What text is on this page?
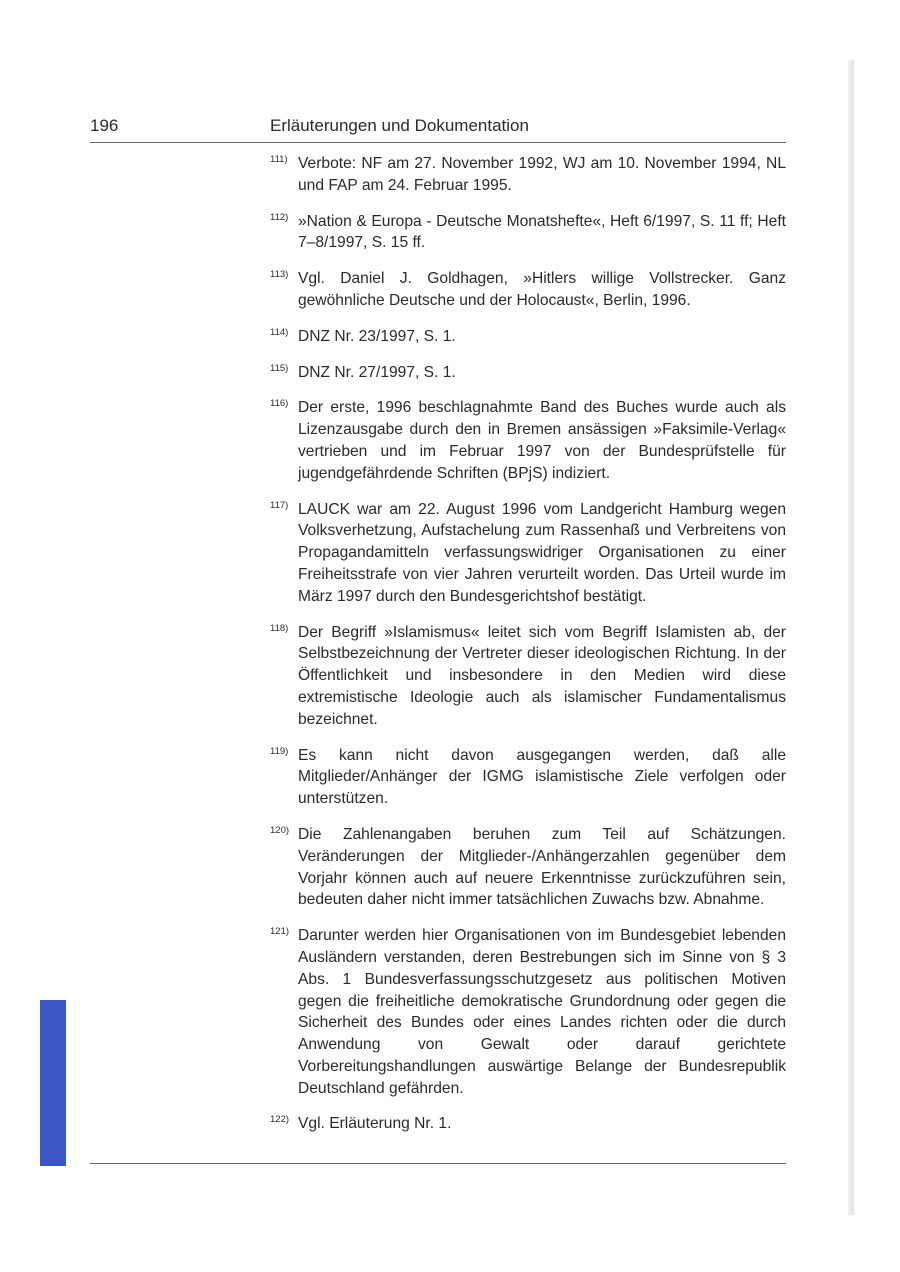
196	Erläuterungen und Dokumentation
111) Verbote: NF am 27. November 1992, WJ am 10. November 1994, NL und FAP am 24. Februar 1995.
112) »Nation & Europa - Deutsche Monatshefte«, Heft 6/1997, S. 11 ff; Heft 7–8/1997, S. 15 ff.
113) Vgl. Daniel J. Goldhagen, »Hitlers willige Vollstrecker. Ganz gewöhnliche Deutsche und der Holocaust«, Berlin, 1996.
114) DNZ Nr. 23/1997, S. 1.
115) DNZ Nr. 27/1997, S. 1.
116) Der erste, 1996 beschlagnahmte Band des Buches wurde auch als Lizenzausgabe durch den in Bremen ansässigen »Faksimile-Verlag« vertrieben und im Februar 1997 von der Bundesprüfstelle für jugendgefährdende Schriften (BPjS) indiziert.
117) LAUCK war am 22. August 1996 vom Landgericht Hamburg wegen Volksverhetzung, Aufstachelung zum Rassenhaß und Verbreitens von Propagandamitteln verfassungswidriger Organisationen zu einer Freiheitsstrafe von vier Jahren verurteilt worden. Das Urteil wurde im März 1997 durch den Bundesgerichtshof bestätigt.
118) Der Begriff »Islamismus« leitet sich vom Begriff Islamisten ab, der Selbstbezeichnung der Vertreter dieser ideologischen Richtung. In der Öffentlichkeit und insbesondere in den Medien wird diese extremistische Ideologie auch als islamischer Fundamentalismus bezeichnet.
119) Es kann nicht davon ausgegangen werden, daß alle Mitglieder/Anhänger der IGMG islamistische Ziele verfolgen oder unterstützen.
120) Die Zahlenangaben beruhen zum Teil auf Schätzungen. Veränderungen der Mitglieder-/Anhängerzahlen gegenüber dem Vorjahr können auch auf neuere Erkenntnisse zurückzuführen sein, bedeuten daher nicht immer tatsächlichen Zuwachs bzw. Abnahme.
121) Darunter werden hier Organisationen von im Bundesgebiet lebenden Ausländern verstanden, deren Bestrebungen sich im Sinne von § 3 Abs. 1 Bundesverfassungsschutzgesetz aus politischen Motiven gegen die freiheitliche demokratische Grundordnung oder gegen die Sicherheit des Bundes oder eines Landes richten oder die durch Anwendung von Gewalt oder darauf gerichtete Vorbereitungshandlungen auswärtige Belange der Bundesrepublik Deutschland gefährden.
122) Vgl. Erläuterung Nr. 1.
